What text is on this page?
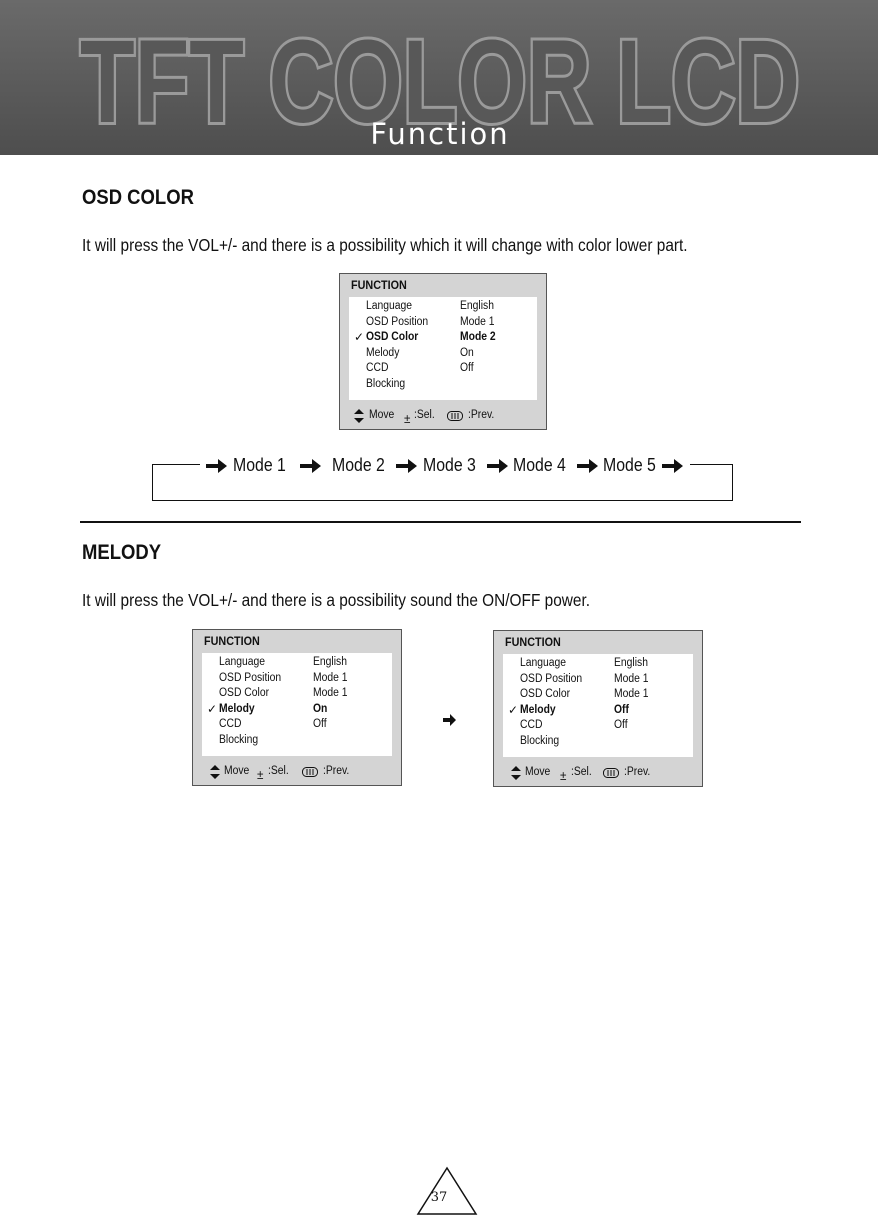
TFT COLOR LCD
Function
OSD COLOR
It will press the VOL+/- and there is a possibility which it will change with color lower part.
FUNCTION
Language	English
OSD Position	Mode 1
✓ OSD Color	Mode 2
Melody	On
CCD	Off
Blocking
Move ± :Sel.	:Prev.
Mode 1	Mode 2 Mode 3 Mode 4 Mode 5
MELODY
It will press the VOL+/- and there is a possibility sound the ON/OFF power.
FUNCTION
Language	English
OSD Position	Mode 1
OSD Color	Mode 1
✓ Melody	On
CCD	Off
Blocking
Move ± :Sel.	:Prev.
FUNCTION
Language	English
OSD Position	Mode 1
OSD Color	Mode 1
✓ Melody	Off
CCD	Off
Blocking
Move ± :Sel.	:Prev.
37
